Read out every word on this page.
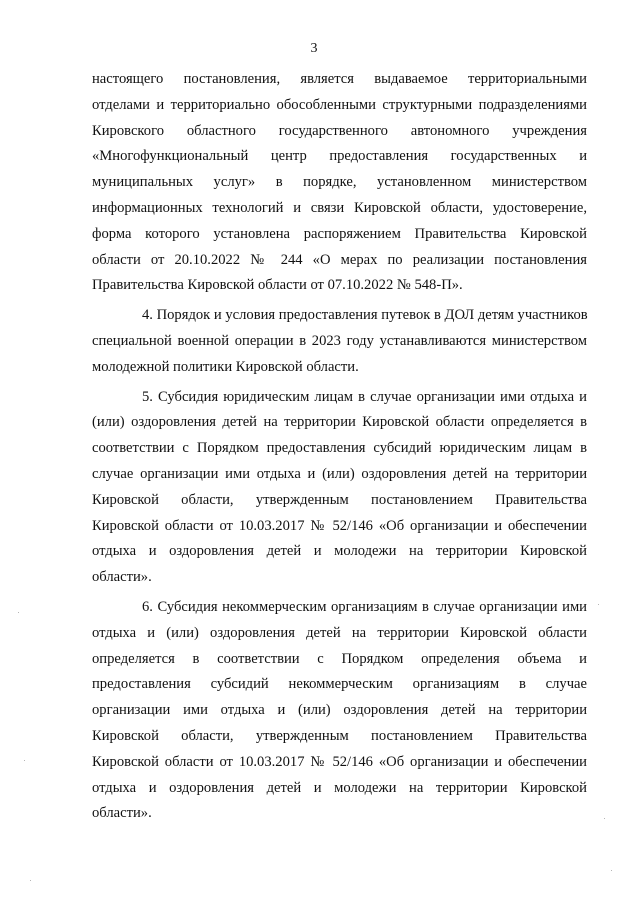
3

настоящего постановления, является выдаваемое территориальными
отделами и территориально обособленными структурными подразделениями
Кировского областного государственного автономного учреждения
«Многофункциональный центр предоставления государственных и
муниципальных услуг» в порядке, установленном министерством
информационных технологий и связи Кировской области, удостоверение,
форма которого установлена распоряжением Правительства Кировской
области от 20.10.2022 № 244 «О мерах по реализации постановления
Правительства Кировской области от 07.10.2022 № 548-П».

4. Порядок и условия предоставления путевок в ДОЛ детям участников
специальной военной операции в 2023 году устанавливаются министерством
молодежной политики Кировской области.

5. Субсидия юридическим лицам в случае организации ими отдыха и
(или) оздоровления детей на территории Кировской области определяется в
соответствии с Порядком предоставления субсидий юридическим лицам в
случае организации ими отдыха и (или) оздоровления детей на территории
Кировской области, утвержденным постановлением Правительства
Кировской области от 10.03.2017 № 52/146 «Об организации и обеспечении
отдыха и оздоровления детей и молодежи на территории Кировской
области».

6. Субсидия некоммерческим организациям в случае организации ими
отдыха и (или) оздоровления детей на территории Кировской области
определяется в соответствии с Порядком определения объема и
предоставления субсидий некоммерческим организациям в случае
организации ими отдыха и (или) оздоровления детей на территории
Кировской области, утвержденным постановлением Правительства
Кировской области от 10.03.2017 № 52/146 «Об организации и обеспечении
отдыха и оздоровления детей и молодежи на территории Кировской
области».
